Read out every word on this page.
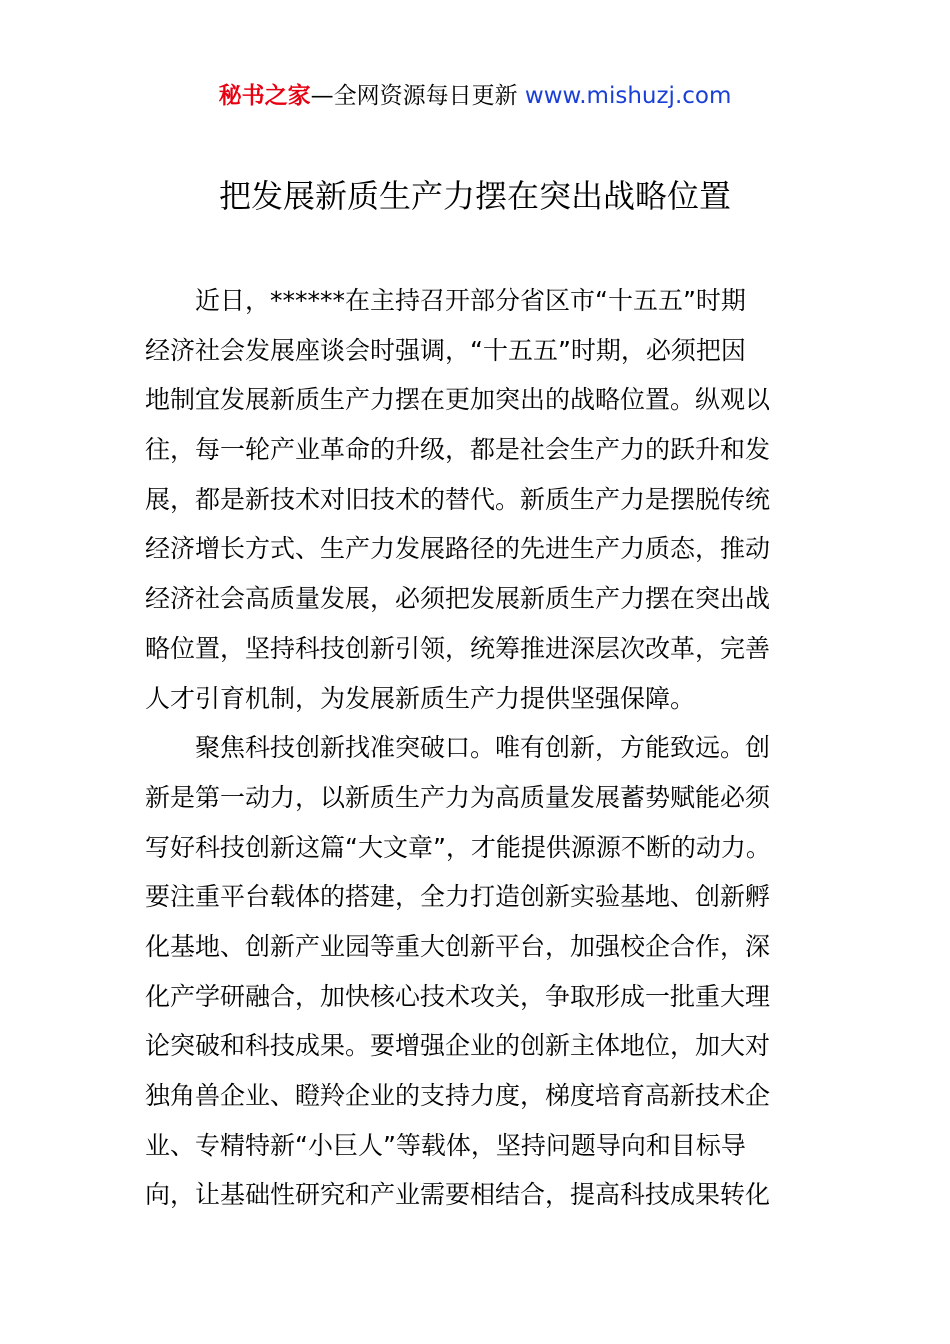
秘书之家—全网资源每日更新 www.mishuzj.com
把发展新质生产力摆在突出战略位置
近日，******在主持召开部分省区市“十五五”时期
经济社会发展座谈会时强调，“十五五”时期，必须把因
地制宜发展新质生产力摆在更加突出的战略位置。纵观以
往，每一轮产业革命的升级，都是社会生产力的跃升和发
展，都是新技术对旧技术的替代。新质生产力是摆脱传统
经济增长方式、生产力发展路径的先进生产力质态，推动
经济社会高质量发展，必须把发展新质生产力摆在突出战
略位置，坚持科技创新引领，统筹推进深层次改革，完善
人才引育机制，为发展新质生产力提供坚强保障。
聚焦科技创新找准突破口。唯有创新，方能致远。创
新是第一动力，以新质生产力为高质量发展蓄势赋能必须
写好科技创新这篇“大文章”，才能提供源源不断的动力。
要注重平台载体的搭建，全力打造创新实验基地、创新孵
化基地、创新产业园等重大创新平台，加强校企合作，深
化产学研融合，加快核心技术攻关，争取形成一批重大理
论突破和科技成果。要增强企业的创新主体地位，加大对
独角兽企业、瞪羚企业的支持力度，梯度培育高新技术企
业、专精特新“小巨人”等载体，坚持问题导向和目标导
向，让基础性研究和产业需要相结合，提高科技成果转化
